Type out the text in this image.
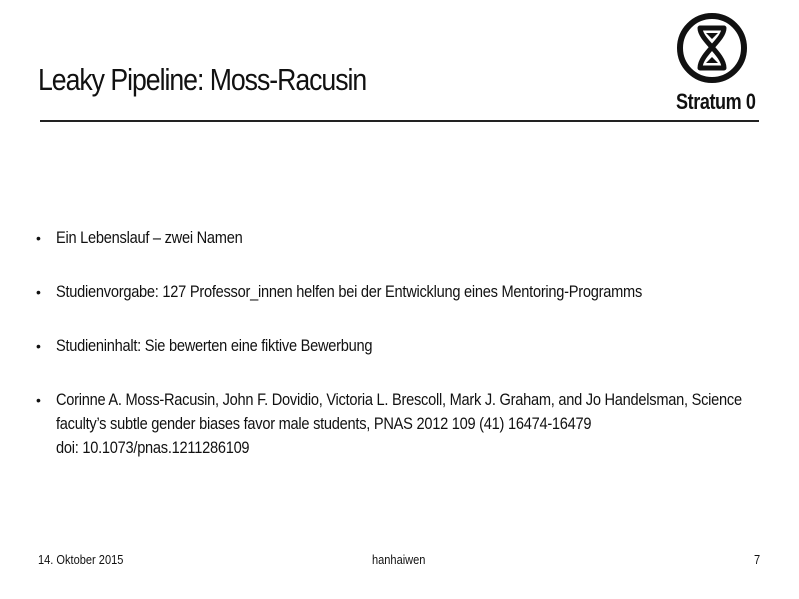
Leaky Pipeline: Moss-Racusin
Stratum 0
• Ein Lebenslauf – zwei Namen
• Studienvorgabe: 127 Professor_innen helfen bei der Entwicklung eines Mentoring-Programms
• Studieninhalt: Sie bewerten eine fiktive Bewerbung
• Corinne A. Moss-Racusin, John F. Dovidio, Victoria L. Brescoll, Mark J. Graham, and Jo Handelsman, Science
faculty’s subtle gender biases favor male students, PNAS 2012 109 (41) 16474-16479
doi: 10.1073/pnas.1211286109
14. Oktober 2015	hanhaiwen	7
